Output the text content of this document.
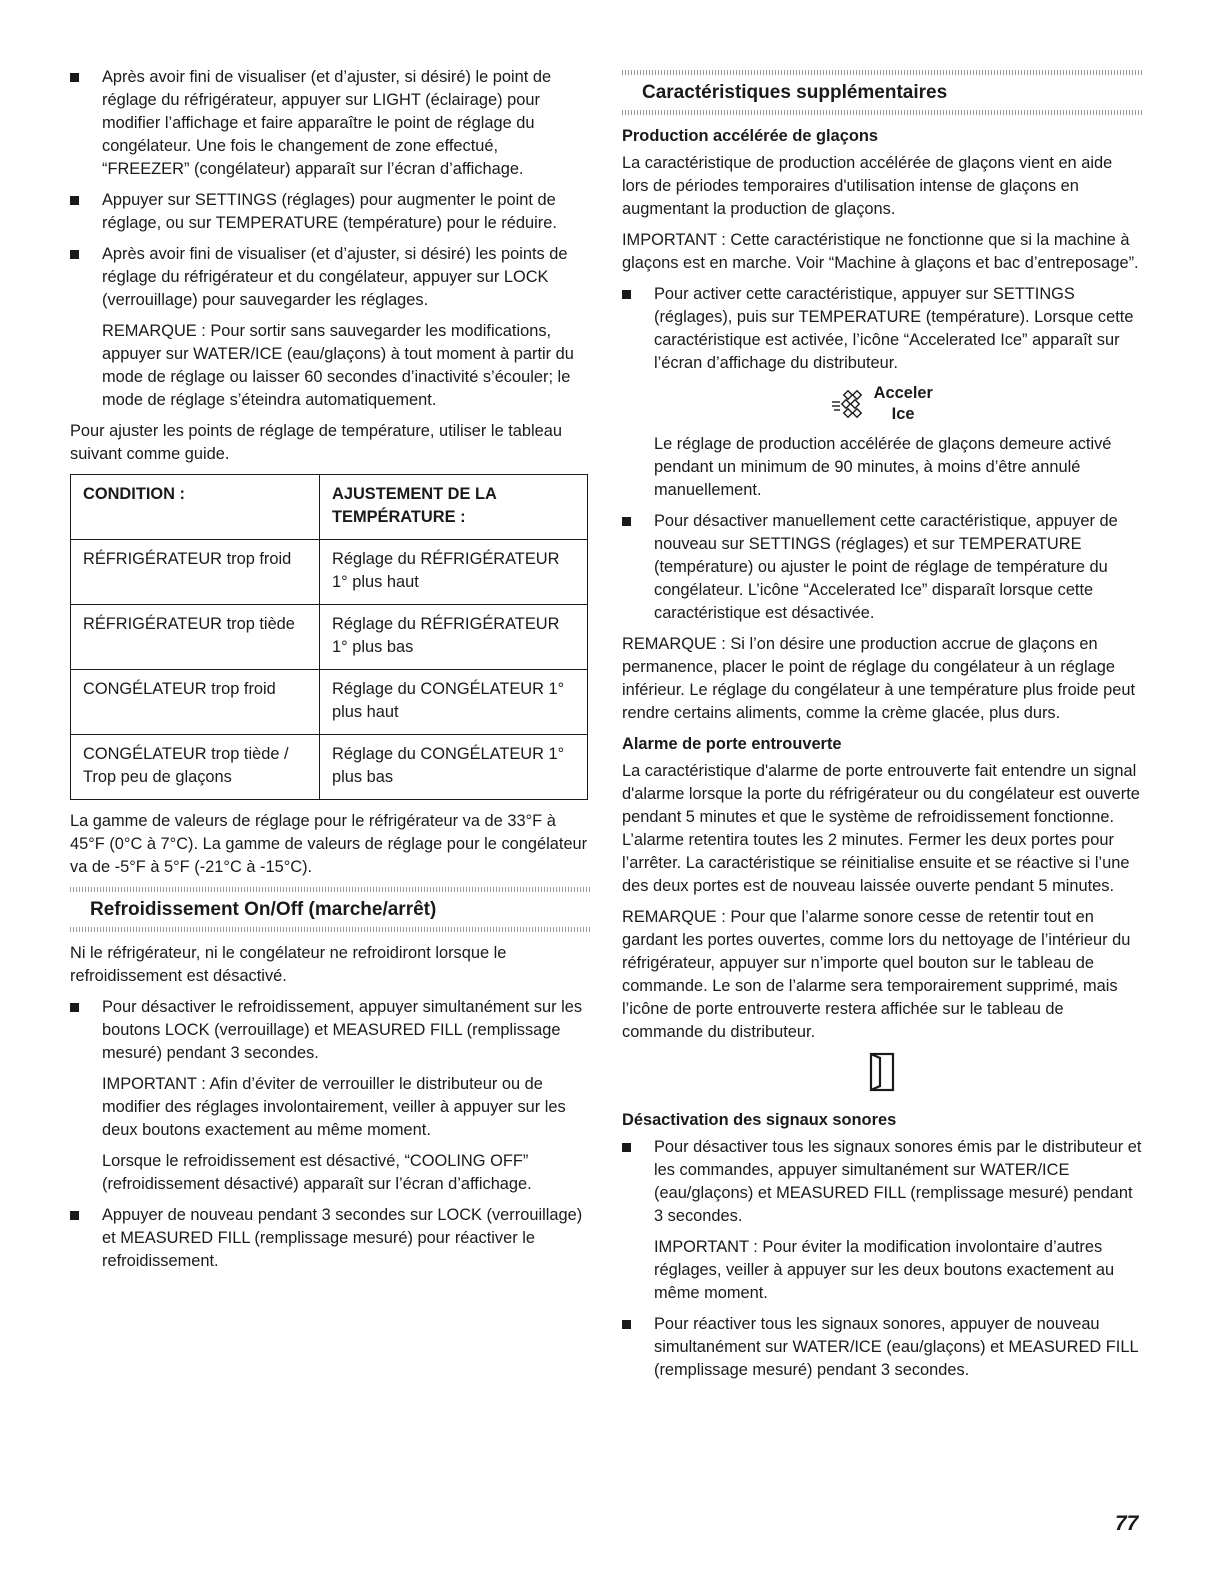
Après avoir fini de visualiser (et d’ajuster, si désiré) le point de réglage du réfrigérateur, appuyer sur LIGHT (éclairage) pour modifier l’affichage et faire apparaître le point de réglage du congélateur. Une fois le changement de zone effectué, “FREEZER” (congélateur) apparaît sur l’écran d’affichage.
Appuyer sur SETTINGS (réglages) pour augmenter le point de réglage, ou sur TEMPERATURE (température) pour le réduire.
Après avoir fini de visualiser (et d’ajuster, si désiré) les points de réglage du réfrigérateur et du congélateur, appuyer sur LOCK (verrouillage) pour sauvegarder les réglages.

REMARQUE : Pour sortir sans sauvegarder les modifications, appuyer sur WATER/ICE (eau/glaçons) à tout moment à partir du mode de réglage ou laisser 60 secondes d’inactivité s’écouler; le mode de réglage s’éteindra automatiquement.

Pour ajuster les points de réglage de température, utiliser le tableau suivant comme guide.

CONDITION :	AJUSTEMENT DE LA TEMPÉRATURE :
RÉFRIGÉRATEUR trop froid	Réglage du RÉFRIGÉRATEUR 1° plus haut
RÉFRIGÉRATEUR trop tiède	Réglage du RÉFRIGÉRATEUR 1° plus bas
CONGÉLATEUR trop froid	Réglage du CONGÉLATEUR 1° plus haut
CONGÉLATEUR trop tiède / Trop peu de glaçons	Réglage du CONGÉLATEUR 1° plus bas

La gamme de valeurs de réglage pour le réfrigérateur va de 33°F à 45°F (0°C à 7°C). La gamme de valeurs de réglage pour le congélateur va de -5°F à 5°F (-21°C à -15°C).

Refroidissement On/Off (marche/arrêt)

Ni le réfrigérateur, ni le congélateur ne refroidiront lorsque le refroidissement est désactivé.

Pour désactiver le refroidissement, appuyer simultanément sur les boutons LOCK (verrouillage) et MEASURED FILL (remplissage mesuré) pendant 3 secondes.

IMPORTANT : Afin d’éviter de verrouiller le distributeur ou de modifier des réglages involontairement, veiller à appuyer sur les deux boutons exactement au même moment.

Lorsque le refroidissement est désactivé, “COOLING OFF” (refroidissement désactivé) apparaît sur l’écran d’affichage.

Appuyer de nouveau pendant 3 secondes sur LOCK (verrouillage) et MEASURED FILL (remplissage mesuré) pour réactiver le refroidissement.
Caractéristiques supplémentaires
Production accélérée de glaçons

La caractéristique de production accélérée de glaçons vient en aide lors de périodes temporaires d'utilisation intense de glaçons en augmentant la production de glaçons.

IMPORTANT : Cette caractéristique ne fonctionne que si la machine à glaçons est en marche. Voir “Machine à glaçons et bac d’entreposage”.

Pour activer cette caractéristique, appuyer sur SETTINGS (réglages), puis sur TEMPERATURE (température). Lorsque cette caractéristique est activée, l’icône “Accelerated Ice” apparaît sur l’écran d’affichage du distributeur.
Acceler
Ice

Le réglage de production accélérée de glaçons demeure activé pendant un minimum de 90 minutes, à moins d’être annulé manuellement.

Pour désactiver manuellement cette caractéristique, appuyer de nouveau sur SETTINGS (réglages) et sur TEMPERATURE (température) ou ajuster le point de réglage de température du congélateur. L’icône “Accelerated Ice” disparaît lorsque cette caractéristique est désactivée.

REMARQUE : Si l’on désire une production accrue de glaçons en permanence, placer le point de réglage du congélateur à un réglage inférieur. Le réglage du congélateur à une température plus froide peut rendre certains aliments, comme la crème glacée, plus durs.

Alarme de porte entrouverte

La caractéristique d'alarme de porte entrouverte fait entendre un signal d'alarme lorsque la porte du réfrigérateur ou du congélateur est ouverte pendant 5 minutes et que le système de refroidissement fonctionne. L’alarme retentira toutes les 2 minutes. Fermer les deux portes pour l’arrêter. La caractéristique se réinitialise ensuite et se réactive si l’une des deux portes est de nouveau laissée ouverte pendant 5 minutes.

REMARQUE : Pour que l’alarme sonore cesse de retentir tout en gardant les portes ouvertes, comme lors du nettoyage de l’intérieur du réfrigérateur, appuyer sur n’importe quel bouton sur le tableau de commande. Le son de l’alarme sera temporairement supprimé, mais l’icône de porte entrouverte restera affichée sur le tableau de commande du distributeur.

Désactivation des signaux sonores
Pour désactiver tous les signaux sonores émis par le distributeur et les commandes, appuyer simultanément sur WATER/ICE (eau/glaçons) et MEASURED FILL (remplissage mesuré) pendant 3 secondes.

IMPORTANT : Pour éviter la modification involontaire d’autres réglages, veiller à appuyer sur les deux boutons exactement au même moment.

Pour réactiver tous les signaux sonores, appuyer de nouveau simultanément sur WATER/ICE (eau/glaçons) et MEASURED FILL (remplissage mesuré) pendant 3 secondes.
77
